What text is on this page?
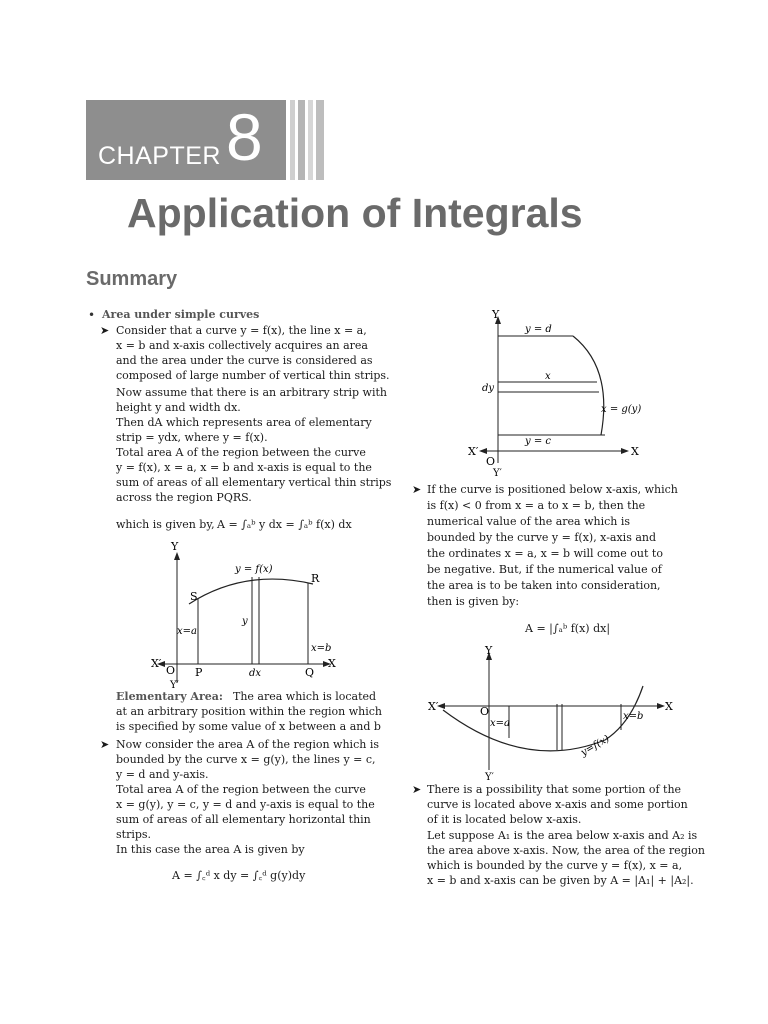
CHAPTER 8
Application of Integrals
Summary
• Area under simple curves
➤ Consider that a curve y = f(x), the line x = a,
x = b and x-axis collectively acquires an area
and the area under the curve is considered as
composed of large number of vertical thin strips.
Now assume that there is an arbitrary strip with
height y and width dx.
Then dA which represents area of elementary
strip = ydx, where y = f(x).
Total area A of the region between the curve
y = f(x), x = a, x = b and x-axis is equal to the
sum of areas of all elementary vertical thin strips
across the region PQRS.
which is given by, A = ∫ₐᵇ y dx = ∫ₐᵇ f(x) dx
Y
Y′
X′	X
O P	Q
R
S
y = f(x)
x=a
x=b
y
dx
Elementary Area: The area which is located
at an arbitrary position within the region which
is specified by some value of x between a and b
➤ Now consider the area A of the region which is
bounded by the curve x = g(y), the lines y = c,
y = d and y-axis.
Total area A of the region between the curve
x = g(y), y = c, y = d and y-axis is equal to the
sum of areas of all elementary horizontal thin
strips.
In this case the area A is given by
A = ∫꜀ᵈ x dy = ∫꜀ᵈ g(y)dy
Y
Y′
X′	X
O
y = d
y = c
dy
x
x = g(y)
➤ If the curve is positioned below x-axis, which
is f(x) < 0 from x = a to x = b, then the
numerical value of the area which is
bounded by the curve y = f(x), x-axis and
the ordinates x = a, x = b will come out to
be negative. But, if the numerical value of
the area is to be taken into consideration,
then is given by:
A = |∫ₐᵇ f(x) dx|
Y
Y′
X′	X
O
x=a
x=b
y=f(x)
➤ There is a possibility that some portion of the
curve is located above x-axis and some portion
of it is located below x-axis.
Let suppose A₁ is the area below x-axis and A₂ is
the area above x-axis. Now, the area of the region
which is bounded by the curve y = f(x), x = a,
x = b and x-axis can be given by A = |A₁| + |A₂|.
